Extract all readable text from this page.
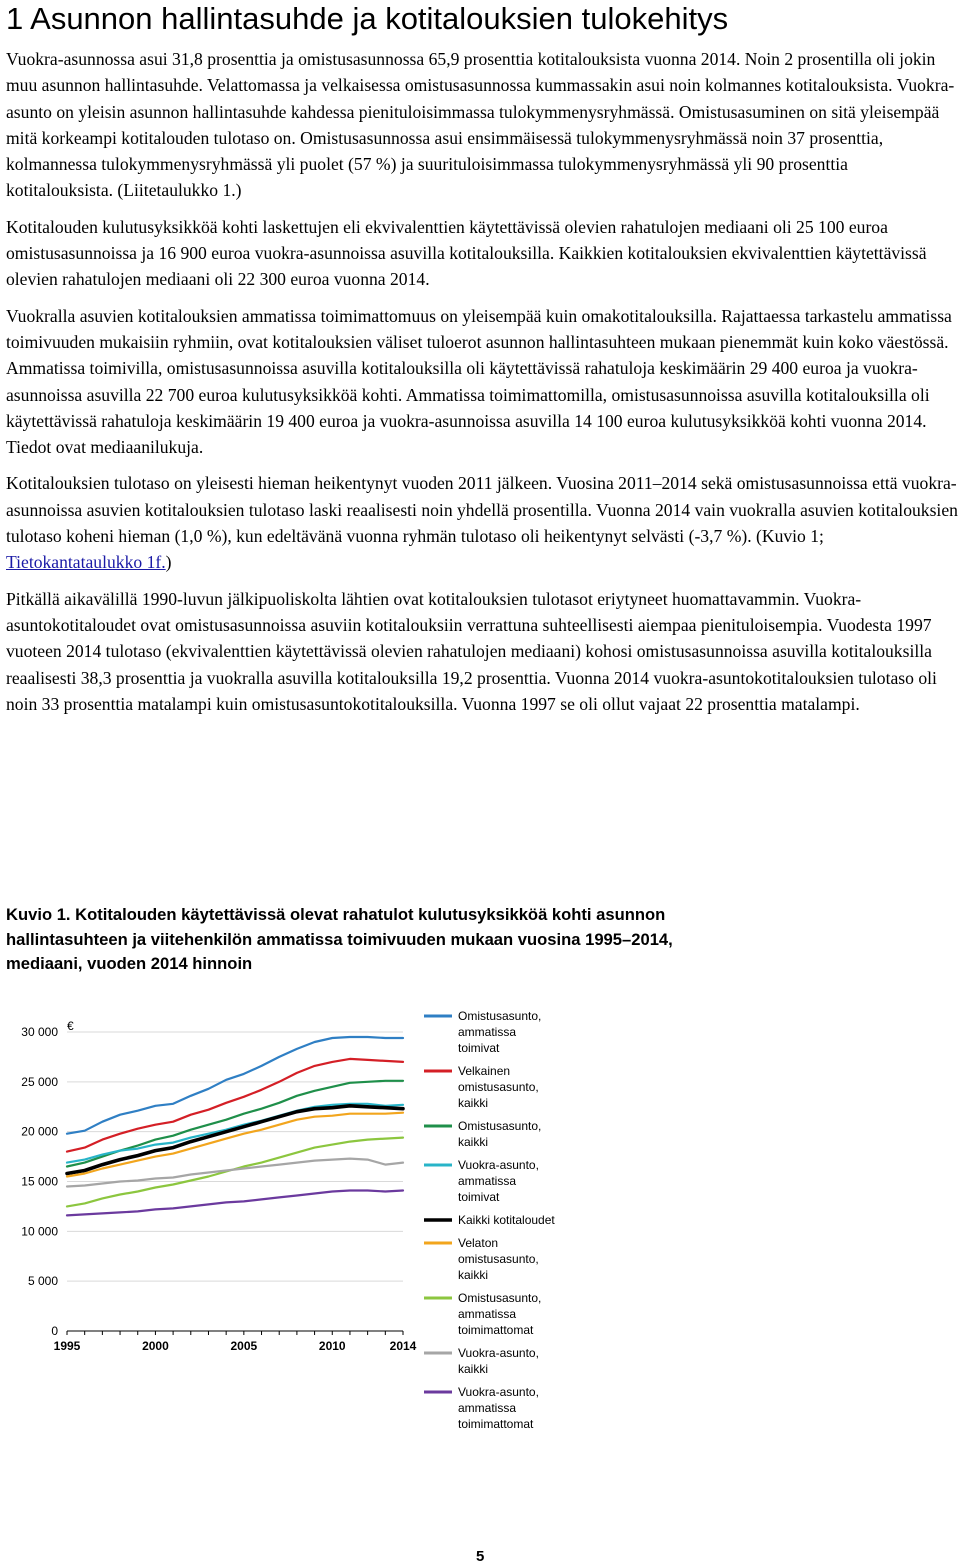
1 Asunnon hallintasuhde ja kotitalouksien tulokehitys

Vuokra-asunnossa asui 31,8 prosenttia ja omistusasunnossa 65,9 prosenttia kotitalouksista vuonna 2014. Noin 2 prosentilla oli jokin muu asunnon hallintasuhde. Velattomassa ja velkaisessa omistusasunnossa kummassakin asui noin kolmannes kotitalouksista. Vuokra-asunto on yleisin asunnon hallintasuhde kahdessa pienituloisimmassa tulokymmenysryhmässä. Omistusasuminen on sitä yleisempää mitä korkeampi kotitalouden tulotaso on. Omistusasunnossa asui ensimmäisessä tulokymmenysryhmässä noin 37 prosenttia, kolmannessa tulokymmenysryhmässä yli puolet (57 %) ja suurituloisimmassa tulokymmenysryhmässä yli 90 prosenttia kotitalouksista. (Liitetaulukko 1.)

Kotitalouden kulutusyksikköä kohti laskettujen eli ekvivalenttien käytettävissä olevien rahatulojen mediaani oli 25 100 euroa omistusasunnoissa ja 16 900 euroa vuokra-asunnoissa asuvilla kotitalouksilla. Kaikkien kotitalouksien ekvivalenttien käytettävissä olevien rahatulojen mediaani oli 22 300 euroa vuonna 2014.

Vuokralla asuvien kotitalouksien ammatissa toimimattomuus on yleisempää kuin omakotitalouksilla. Rajattaessa tarkastelu ammatissa toimivuuden mukaisiin ryhmiin, ovat kotitalouksien väliset tuloerot asunnon hallintasuhteen mukaan pienemmät kuin koko väestössä. Ammatissa toimivilla, omistusasunnoissa asuvilla kotitalouksilla oli käytettävissä rahatuloja keskimäärin 29 400 euroa ja vuokra-asunnoissa asuvilla 22 700 euroa kulutusyksikköä kohti. Ammatissa toimimattomilla, omistusasunnoissa asuvilla kotitalouksilla oli käytettävissä rahatuloja keskimäärin 19 400 euroa ja vuokra-asunnoissa asuvilla 14 100 euroa kulutusyksikköä kohti vuonna 2014. Tiedot ovat mediaanilukuja.

Kotitalouksien tulotaso on yleisesti hieman heikentynyt vuoden 2011 jälkeen. Vuosina 2011–2014 sekä omistusasunnoissa että vuokra-asunnoissa asuvien kotitalouksien tulotaso laski reaalisesti noin yhdellä prosentilla. Vuonna 2014 vain vuokralla asuvien kotitalouksien tulotaso koheni hieman (1,0 %), kun edeltävänä vuonna ryhmän tulotaso oli heikentynyt selvästi (-3,7 %). (Kuvio 1; Tietokantataulukko 1f.)

Pitkällä aikavälillä 1990-luvun jälkipuoliskolta lähtien ovat kotitalouksien tulotasot eriytyneet huomattavammin. Vuokra-asuntokotitaloudet ovat omistusasunnoissa asuviin kotitalouksiin verrattuna suhteellisesti aiempaa pienituloisempia. Vuodesta 1997 vuoteen 2014 tulotaso (ekvivalenttien käytettävissä olevien rahatulojen mediaani) kohosi omistusasunnoissa asuvilla kotitalouksilla reaalisesti 38,3 prosenttia ja vuokralla asuvilla kotitalouksilla 19,2 prosenttia. Vuonna 2014 vuokra-asuntokotitalouksien tulotaso oli noin 33 prosenttia matalampi kuin omistusasuntokotitalouksilla. Vuonna 1997 se oli ollut vajaat 22 prosenttia matalampi.

Kuvio 1. Kotitalouden käytettävissä olevat rahatulot kulutusyksikköä kohti asunnon hallintasuhteen ja viitehenkilön ammatissa toimivuuden mukaan vuosina 1995–2014, mediaani, vuoden 2014 hinnoin

0
5 000
10 000
15 000
20 000
25 000
30 000 €
1995	2000	2005	2010	2014
Omistusasunto,
ammatissa
toimivat
Velkainen
omistusasunto,
kaikki
Omistusasunto,
kaikki
Vuokra-asunto,
ammatissa
toimivat
Kaikki kotitaloudet
Velaton
omistusasunto,
kaikki
Omistusasunto,
ammatissa
toimimattomat
Vuokra-asunto,
kaikki
Vuokra-asunto,
ammatissa
toimimattomat
5
